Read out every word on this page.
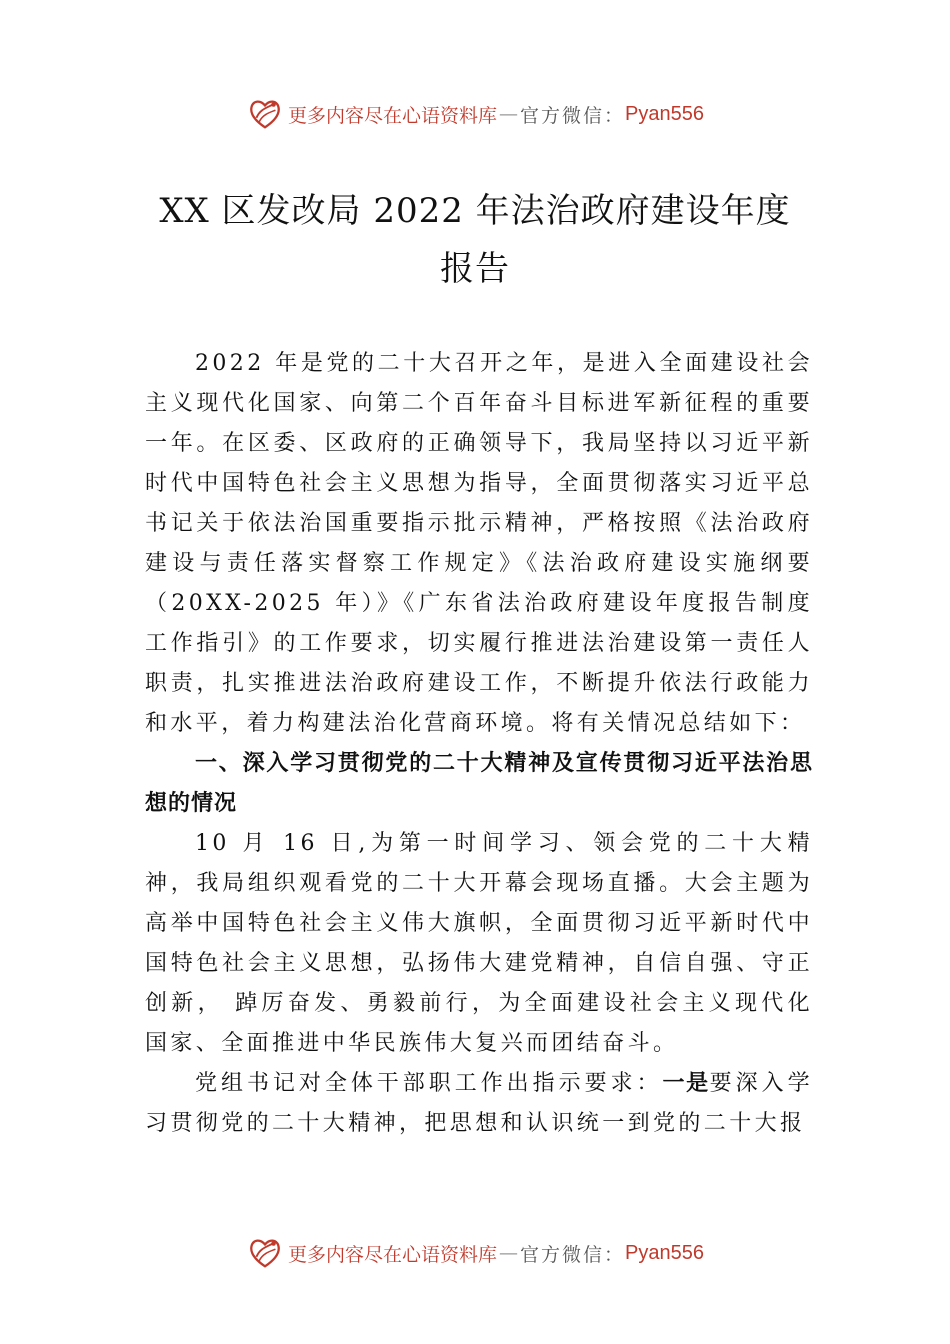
更多内容尽在心语资料库 — 官方微信： Pyan556
XX 区发改局 2022 年法治政府建设年度报告

2022 年是党的二十大召开之年，是进入全面建设社会主义现代化国家、向第二个百年奋斗目标进军新征程的重要一年。在区委、区政府的正确领导下，我局坚持以习近平新时代中国特色社会主义思想为指导，全面贯彻落实习近平总书记关于依法治国重要指示批示精神，严格按照《法治政府建设与责任落实督察工作规定》《法治政府建设实施纲要（20XX-2025 年）》《广东省法治政府建设年度报告制度工作指引》的工作要求，切实履行推进法治建设第一责任人职责，扎实推进法治政府建设工作，不断提升依法行政能力和水平，着力构建法治化营商环境。将有关情况总结如下：

一、深入学习贯彻党的二十大精神及宣传贯彻习近平法治思想的情况

10 月 16 日,为第一时间学习、领会党的二十大精神，我局组织观看党的二十大开幕会现场直播。大会主题为高举中国特色社会主义伟大旗帜，全面贯彻习近平新时代中国特色社会主义思想，弘扬伟大建党精神，自信自强、守正创新， 踔厉奋发、勇毅前行，为全面建设社会主义现代化国家、全面推进中华民族伟大复兴而团结奋斗。

党组书记对全体干部职工作出指示要求：一是要深入学习贯彻党的二十大精神，把思想和认识统一到党的二十大报

更多内容尽在心语资料库 — 官方微信： Pyan556
